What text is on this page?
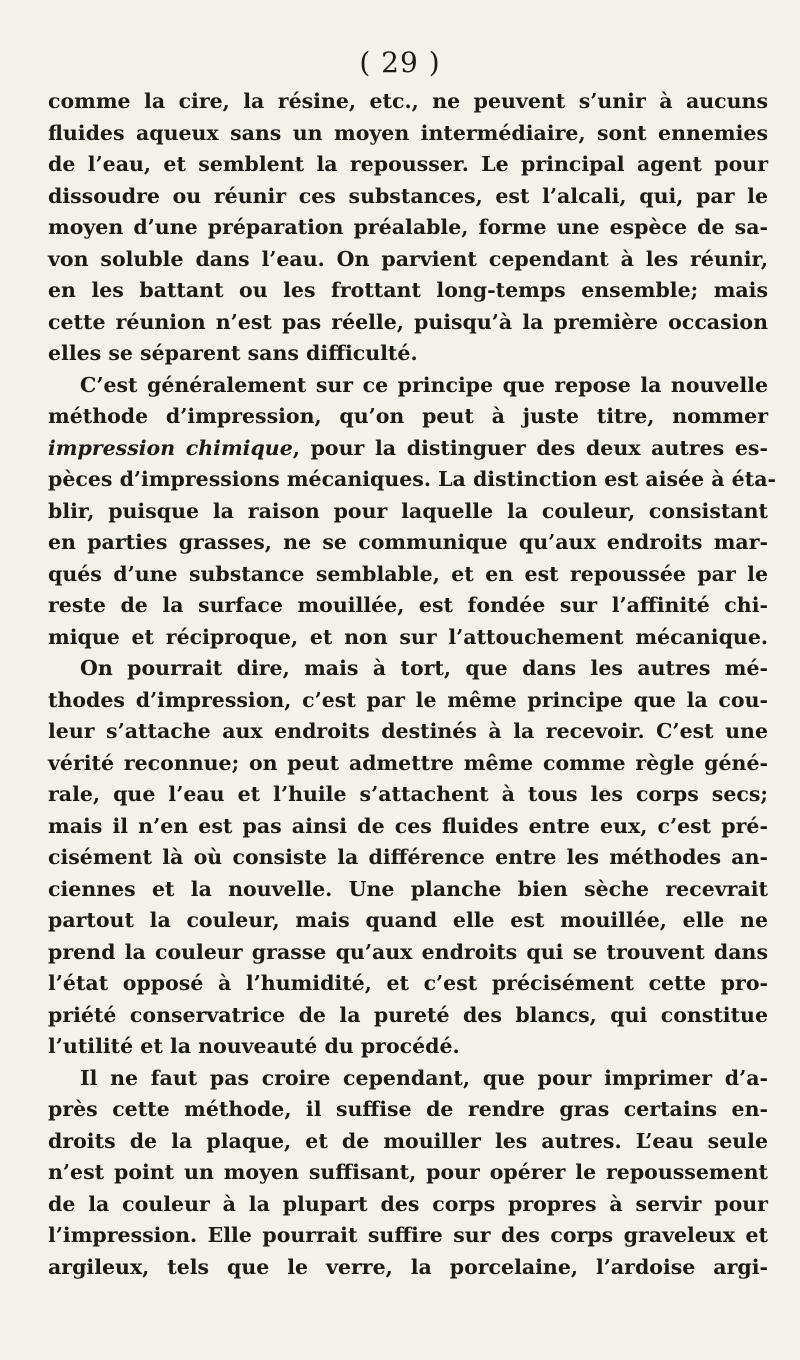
( 29 )
comme la cire, la résine, etc., ne peuvent s’unir à aucuns
fluides aqueux sans un moyen intermédiaire, sont ennemies
de l’eau, et semblent la repousser. Le principal agent pour
dissoudre ou réunir ces substances, est l’alcali, qui, par le
moyen d’une préparation préalable, forme une espèce de sa-
von soluble dans l’eau. On parvient cependant à les réunir,
en les battant ou les frottant long-temps ensemble; mais
cette réunion n’est pas réelle, puisqu’à la première occasion
elles se séparent sans difficulté.
C’est généralement sur ce principe que repose la nouvelle
méthode d’impression, qu’on peut à juste titre, nommer
impression chimique, pour la distinguer des deux autres es-
pèces d’impressions mécaniques. La distinction est aisée à éta-
blir, puisque la raison pour laquelle la couleur, consistant
en parties grasses, ne se communique qu’aux endroits mar-
qués d’une substance semblable, et en est repoussée par le
reste de la surface mouillée, est fondée sur l’affinité chi-
mique et réciproque, et non sur l’attouchement mécanique.
On pourrait dire, mais à tort, que dans les autres mé-
thodes d’impression, c’est par le même principe que la cou-
leur s’attache aux endroits destinés à la recevoir. C’est une
vérité reconnue; on peut admettre même comme règle géné-
rale, que l’eau et l’huile s’attachent à tous les corps secs;
mais il n’en est pas ainsi de ces fluides entre eux, c’est pré-
cisément là où consiste la différence entre les méthodes an-
ciennes et la nouvelle. Une planche bien sèche recevrait
partout la couleur, mais quand elle est mouillée, elle ne
prend la couleur grasse qu’aux endroits qui se trouvent dans
l’état opposé à l’humidité, et c’est précisément cette pro-
priété conservatrice de la pureté des blancs, qui constitue
l’utilité et la nouveauté du procédé.
Il ne faut pas croire cependant, que pour imprimer d’a-
près cette méthode, il suffise de rendre gras certains en-
droits de la plaque, et de mouiller les autres. L’eau seule
n’est point un moyen suffisant, pour opérer le repoussement
de la couleur à la plupart des corps propres à servir pour
l’impression. Elle pourrait suffire sur des corps graveleux et
argileux, tels que le verre, la porcelaine, l’ardoise argi-
